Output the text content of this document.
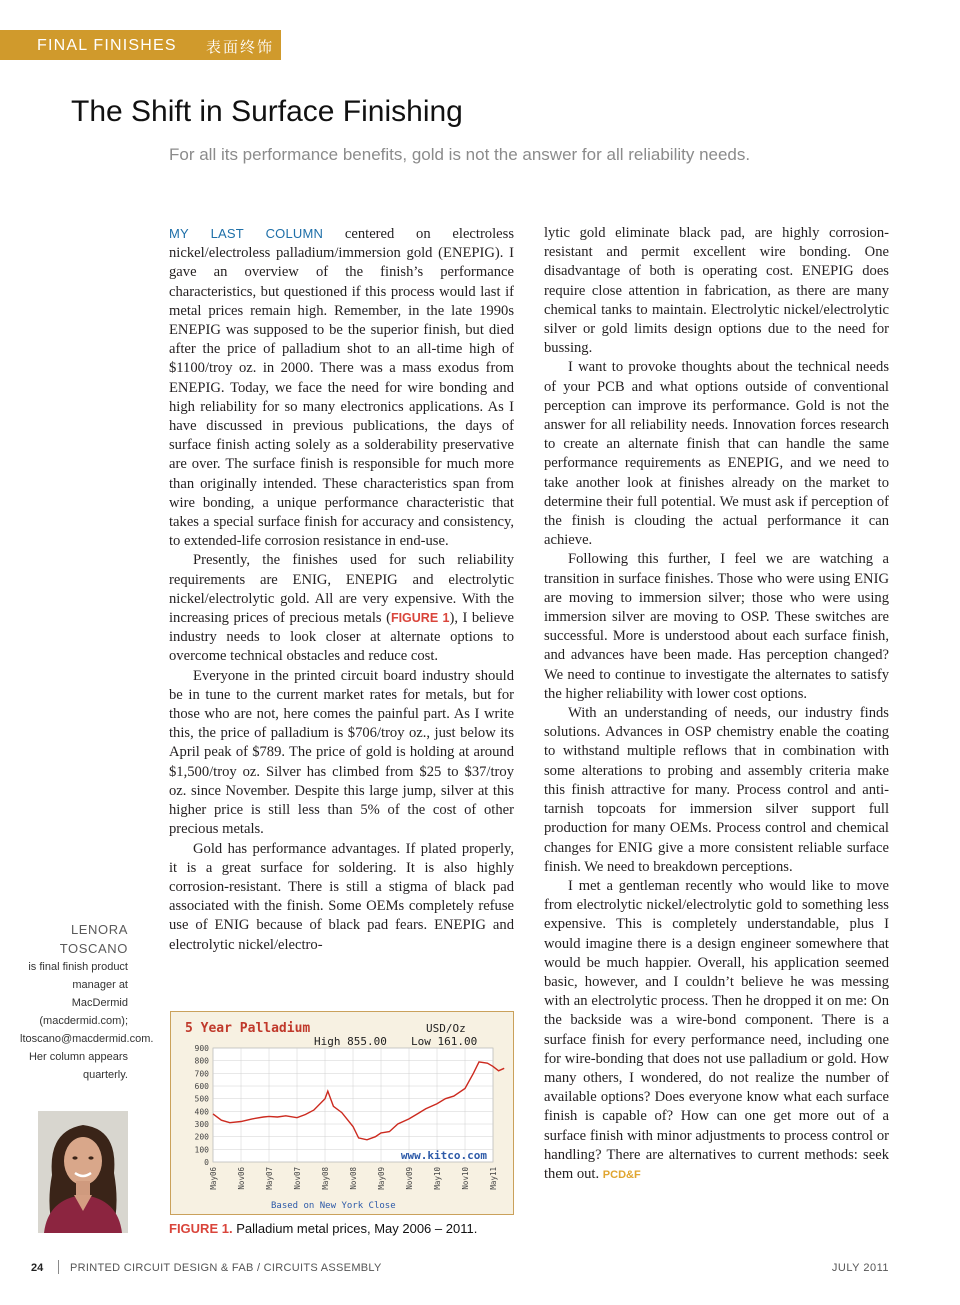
FINAL FINISHES 表面终饰
The Shift in Surface Finishing
For all its performance benefits, gold is not the answer for all reliability needs.

MY LAST COLUMN centered on electroless nickel/electroless palladium/immersion gold (ENEPIG). I gave an overview of the finish’s performance characteristics, but questioned if this process would last if metal prices remain high. Remember, in the late 1990s ENEPIG was supposed to be the superior finish, but died after the price of palladium shot to an all-time high of $1100/troy oz. in 2000. There was a mass exodus from ENEPIG. Today, we face the need for wire bonding and high reliability for so many electronics applications. As I have discussed in previous publications, the days of surface finish acting solely as a solderability preservative are over. The surface finish is responsible for much more than originally intended. These characteristics span from wire bonding, a unique performance characteristic that takes a special surface finish for accuracy and consistency, to extended-life corrosion resistance in end-use.

Presently, the finishes used for such reliability requirements are ENIG, ENEPIG and electrolytic nickel/electrolytic gold. All are very expensive. With the increasing prices of precious metals (FIGURE 1), I believe industry needs to look closer at alternate options to overcome technical obstacles and reduce cost.

Everyone in the printed circuit board industry should be in tune to the current market rates for metals, but for those who are not, here comes the painful part. As I write this, the price of palladium is $706/troy oz., just below its April peak of $789. The price of gold is holding at around $1,500/troy oz. Silver has climbed from $25 to $37/troy oz. since November. Despite this large jump, silver at this higher price is still less than 5% of the cost of other precious metals.

Gold has performance advantages. If plated properly, it is a great surface for soldering. It is also highly corrosion-resistant. There is still a stigma of black pad associated with the finish. Some OEMs completely refuse use of ENIG because of black pad fears. ENEPIG and electrolytic nickel/electro-

lytic gold eliminate black pad, are highly corrosion-resistant and permit excellent wire bonding. One disadvantage of both is operating cost. ENEPIG does require close attention in fabrication, as there are many chemical tanks to maintain. Electrolytic nickel/electrolytic silver or gold limits design options due to the need for bussing.

I want to provoke thoughts about the technical needs of your PCB and what options outside of conventional perception can improve its performance. Gold is not the answer for all reliability needs. Innovation forces research to create an alternate finish that can handle the same performance requirements as ENEPIG, and we need to take another look at finishes already on the market to determine their full potential. We must ask if perception of the finish is clouding the actual performance it can achieve.

Following this further, I feel we are watching a transition in surface finishes. Those who were using ENIG are moving to immersion silver; those who were using immersion silver are moving to OSP. These switches are successful. More is understood about each surface finish, and advances have been made. Has perception changed? We need to continue to investigate the alternates to satisfy the higher reliability with lower cost options.

With an understanding of needs, our industry finds solutions. Advances in OSP chemistry enable the coating to withstand multiple reflows that in combination with some alterations to probing and assembly criteria make this finish attractive for many. Process control and anti-tarnish topcoats for immersion silver support full production for many OEMs. Process control and chemical changes for ENIG give a more consistent reliable surface finish. We need to breakdown perceptions.

I met a gentleman recently who would like to move from electrolytic nickel/electrolytic gold to something less expensive. This is completely understandable, plus I would imagine there is a design engineer somewhere that would be much happier. Overall, his application seemed basic, however, and I couldn’t believe he was messing with an electrolytic process. Then he dropped it on me: On the backside was a wire-bond component. There is a surface finish for every performance need, including one for wire-bonding that does not use palladium or gold. How many others, I wondered, do not realize the number of available options? Does everyone know what each surface finish is capable of? How can one get more out of a surface finish with minor adjustments to process control or handling? There are alternatives to current methods: seek them out. PCD&F

LENORA
TOSCANO
is final finish product manager at MacDermid (macdermid.com); ltoscano@macdermid.com. Her column appears quarterly.
900
800
700
600
500
400
300
200
100
0
May06	Nov06	May07	Nov07	May08	Nov08	May09	Nov09	May10	Nov10	May11
5 Year Palladium	USD/Oz
High 855.00 Low 161.00
www.kitco.com
Based on New York Close
FIGURE 1. Palladium metal prices, May 2006 – 2011.
24 PRINTED CIRCUIT DESIGN & FAB / CIRCUITS ASSEMBLY	JULY 2011
